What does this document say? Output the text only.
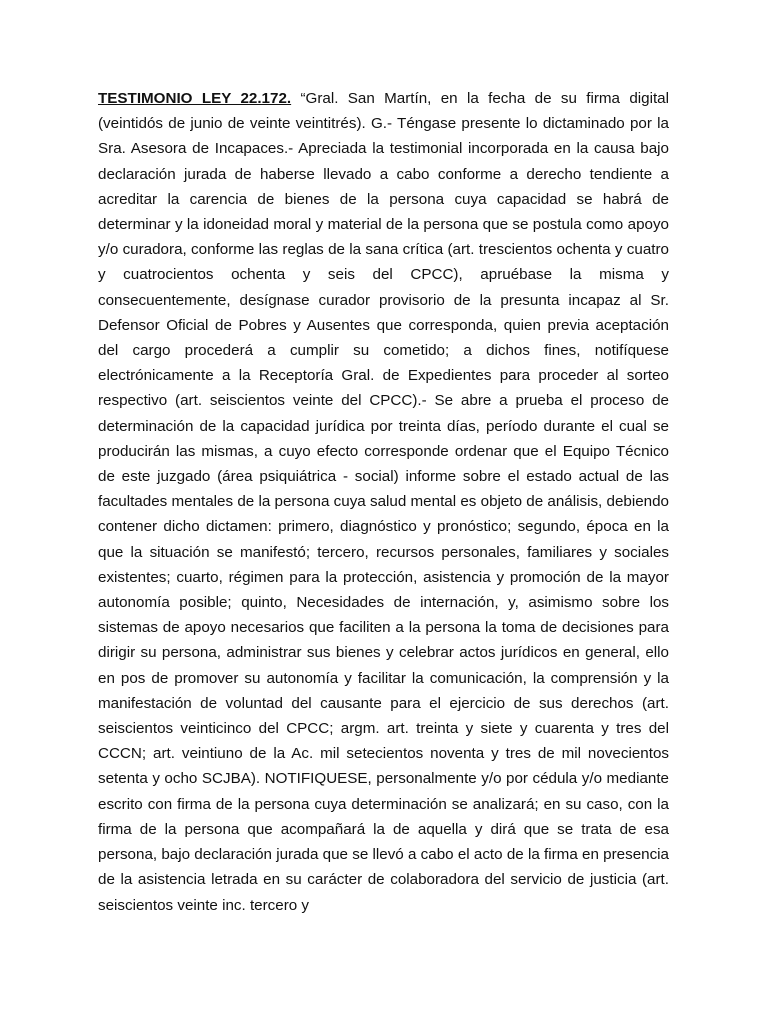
TESTIMONIO LEY 22.172. “Gral. San Martín, en la fecha de su firma digital (veintidós de junio de veinte veintitrés). G.- Téngase presente lo dictaminado por la Sra. Asesora de Incapaces.- Apreciada la testimonial incorporada en la causa bajo declaración jurada de haberse llevado a cabo conforme a derecho tendiente a acreditar la carencia de bienes de la persona cuya capacidad se habrá de determinar y la idoneidad moral y material de la persona que se postula como apoyo y/o curadora, conforme las reglas de la sana crítica (art. trescientos ochenta y cuatro y cuatrocientos ochenta y seis del CPCC), apruébase la misma y consecuentemente, desígnase curador provisorio de la presunta incapaz al Sr. Defensor Oficial de Pobres y Ausentes que corresponda, quien previa aceptación del cargo procederá a cumplir su cometido; a dichos fines, notifíquese electrónicamente a la Receptoría Gral. de Expedientes para proceder al sorteo respectivo (art. seiscientos veinte del CPCC).- Se abre a prueba el proceso de determinación de la capacidad jurídica por treinta días, período durante el cual se producirán las mismas, a cuyo efecto corresponde ordenar que el Equipo Técnico de este juzgado (área psiquiátrica - social) informe sobre el estado actual de las facultades mentales de la persona cuya salud mental es objeto de análisis, debiendo contener dicho dictamen: primero, diagnóstico y pronóstico; segundo, época en la que la situación se manifestó; tercero, recursos personales, familiares y sociales existentes; cuarto, régimen para la protección, asistencia y promoción de la mayor autonomía posible; quinto, Necesidades de internación, y, asimismo sobre los sistemas de apoyo necesarios que faciliten a la persona la toma de decisiones para dirigir su persona, administrar sus bienes y celebrar actos jurídicos en general, ello en pos de promover su autonomía y facilitar la comunicación, la comprensión y la manifestación de voluntad del causante para el ejercicio de sus derechos (art. seiscientos veinticinco del CPCC; argm. art. treinta y siete y cuarenta y tres del CCCN; art. veintiuno de la Ac. mil setecientos noventa y tres de mil novecientos setenta y ocho SCJBA). NOTIFIQUESE, personalmente y/o por cédula y/o mediante escrito con firma de la persona cuya determinación se analizará; en su caso, con la firma de la persona que acompañará la de aquella y dirá que se trata de esa persona, bajo declaración jurada que se llevó a cabo el acto de la firma en presencia de la asistencia letrada en su carácter de colaboradora del servicio de justicia (art. seiscientos veinte inc. tercero y
